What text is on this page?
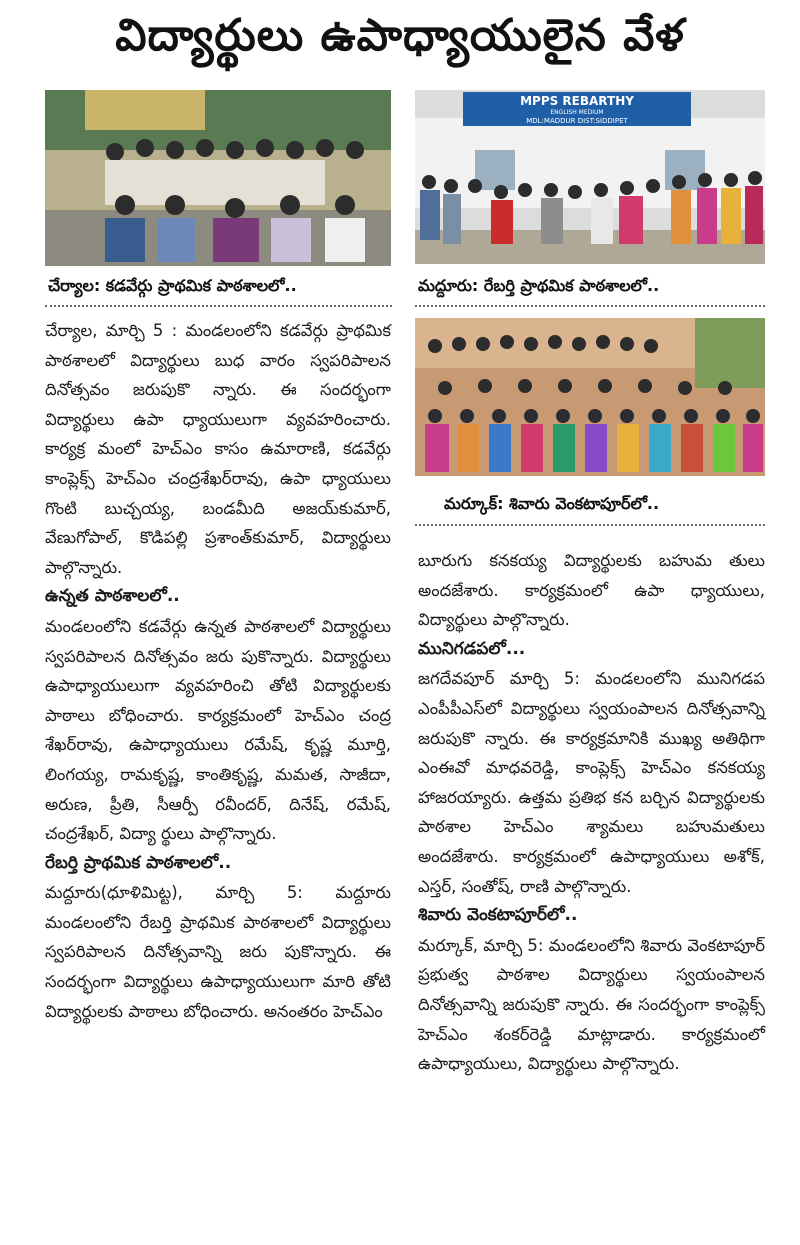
విద్యార్థులు ఉపాధ్యాయులైన వేళ
MPPS REBARTHY
ENGLISH MEDIUM
MDL:MADDUR DIST:SIDDIPET
చేర్యాల: కడవేర్గు ప్రాథమిక పాఠశాలలో..	మద్దూరు: రేబర్తి ప్రాథమిక పాఠశాలలో..
మర్కూక్: శివారు వెంకటాపూర్‌లో..

చేర్యాల, మార్చి 5 : మండలంలోని కడవేర్గు ప్రాథమిక పాఠశాలలో విద్యార్థులు బుధ వారం స్వపరిపాలన దినోత్సవం జరుపుకొ న్నారు. ఈ సందర్భంగా విద్యార్థులు ఉపా ధ్యాయులుగా వ్యవహరించారు. కార్యక్ర మంలో హెచ్‌ఎం కాసం ఉమారాణి, కడవేర్గు కాంప్లెక్స్ హెచ్‌ఎం చంద్రశేఖర్‌రావు, ఉపా ధ్యాయులు గొంటి బుచ్చయ్య, బండమీది అజయ్‌కుమార్, వేణుగోపాల్, కొడిపల్లి ప్రశాంత్‌కుమార్, విద్యార్థులు పాల్గొన్నారు.

ఉన్నత పాఠశాలలో..

మండలంలోని కడవేర్గు ఉన్నత పాఠశాలలో విద్యార్థులు స్వపరిపాలన దినోత్సవం జరు పుకొన్నారు. విద్యార్థులు ఉపాధ్యాయులుగా వ్యవహరించి తోటి విద్యార్థులకు పాఠాలు బోధించారు. కార్యక్రమంలో హెచ్‌ఎం చంద్ర శేఖర్‌రావు, ఉపాధ్యాయులు రమేష్, కృష్ణ మూర్తి, లింగయ్య, రామకృష్ణ, కాంతికృష్ణ, మమత, సాజీదా, అరుణ, ప్రీతి, సీఆర్పీ రవీందర్, దినేష్, రమేష్, చంద్రశేఖర్, విద్యా ర్థులు పాల్గొన్నారు.

రేబర్తి ప్రాథమిక పాఠశాలలో..

మద్దూరు(ధూళిమిట్ట), మార్చి 5: మద్దూరు మండలంలోని రేబర్తి ప్రాథమిక పాఠశాలలో విద్యార్థులు స్వపరిపాలన దినోత్సవాన్ని జరు పుకొన్నారు. ఈ సందర్భంగా విద్యార్థులు ఉపాధ్యాయులుగా మారి తోటి విద్యార్థులకు పాఠాలు బోధించారు. అనంతరం హెచ్‌ఎం

బూరుగు కనకయ్య విద్యార్థులకు బహుమ తులు అందజేశారు. కార్యక్రమంలో ఉపా ధ్యాయులు, విద్యార్థులు పాల్గొన్నారు.

మునిగడపలో...

జగదేవపూర్ మార్చి 5: మండలంలోని మునిగడప ఎంపీపీఎస్‌లో విద్యార్థులు స్వయంపాలన దినోత్సవాన్ని జరుపుకొ న్నారు. ఈ కార్యక్రమానికి ముఖ్య అతిథిగా ఎంఈవో మాధవరెడ్డి, కాంప్లెక్స్ హెచ్‌ఎం కనకయ్య హాజరయ్యారు. ఉత్తమ ప్రతిభ కన బర్చిన విద్యార్థులకు పాఠశాల హెచ్‌ఎం శ్యామలు బహుమతులు అందజేశారు. కార్యక్రమంలో ఉపాధ్యాయులు అశోక్, ఎస్తర్, సంతోష్, రాణి పాల్గొన్నారు.

శివారు వెంకటాపూర్‌లో..

మర్కూక్, మార్చి 5: మండలంలోని శివారు వెంకటాపూర్ ప్రభుత్వ పాఠశాల విద్యార్థులు స్వయంపాలన దినోత్సవాన్ని జరుపుకొ న్నారు. ఈ సందర్భంగా కాంప్లెక్స్ హెచ్‌ఎం శంకర్‌రెడ్డి మాట్లాడారు. కార్యక్రమంలో ఉపాధ్యాయులు, విద్యార్థులు పాల్గొన్నారు.
